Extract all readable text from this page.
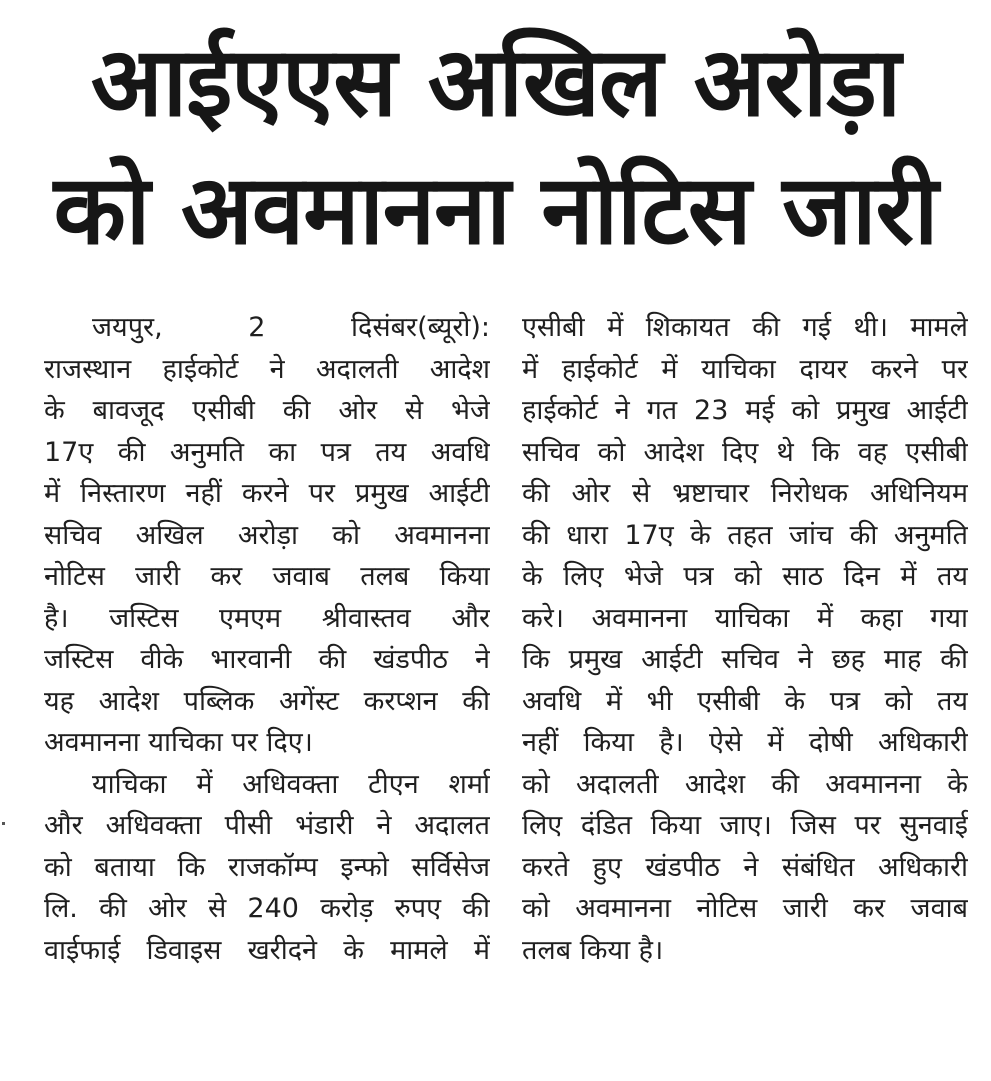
आईएएस अखिल अरोड़ा
को अवमानना नोटिस जारी
जयपुर, 2 दिसंबर(ब्यूरो):
राजस्थान हाईकोर्ट ने अदालती आदेश
के बावजूद एसीबी की ओर से भेजे
17ए की अनुमति का पत्र तय अवधि
में निस्तारण नहीं करने पर प्रमुख आईटी
सचिव अखिल अरोड़ा को अवमानना
नोटिस जारी कर जवाब तलब किया
है। जस्टिस एमएम श्रीवास्तव और
जस्टिस वीके भारवानी की खंडपीठ ने
यह आदेश पब्लिक अगेंस्ट करप्शन की
अवमानना याचिका पर दिए।
याचिका में अधिवक्ता टीएन शर्मा
और अधिवक्ता पीसी भंडारी ने अदालत
को बताया कि राजकॉम्प इन्फो सर्विसेज
लि. की ओर से 240 करोड़ रुपए की
वाईफाई डिवाइस खरीदने के मामले में
एसीबी में शिकायत की गई थी। मामले
में हाईकोर्ट में याचिका दायर करने पर
हाईकोर्ट ने गत 23 मई को प्रमुख आईटी
सचिव को आदेश दिए थे कि वह एसीबी
की ओर से भ्रष्टाचार निरोधक अधिनियम
की धारा 17ए के तहत जांच की अनुमति
के लिए भेजे पत्र को साठ दिन में तय
करे। अवमानना याचिका में कहा गया
कि प्रमुख आईटी सचिव ने छह माह की
अवधि में भी एसीबी के पत्र को तय
नहीं किया है। ऐसे में दोषी अधिकारी
को अदालती आदेश की अवमानना के
लिए दंडित किया जाए। जिस पर सुनवाई
करते हुए खंडपीठ ने संबंधित अधिकारी
को अवमानना नोटिस जारी कर जवाब
तलब किया है।
